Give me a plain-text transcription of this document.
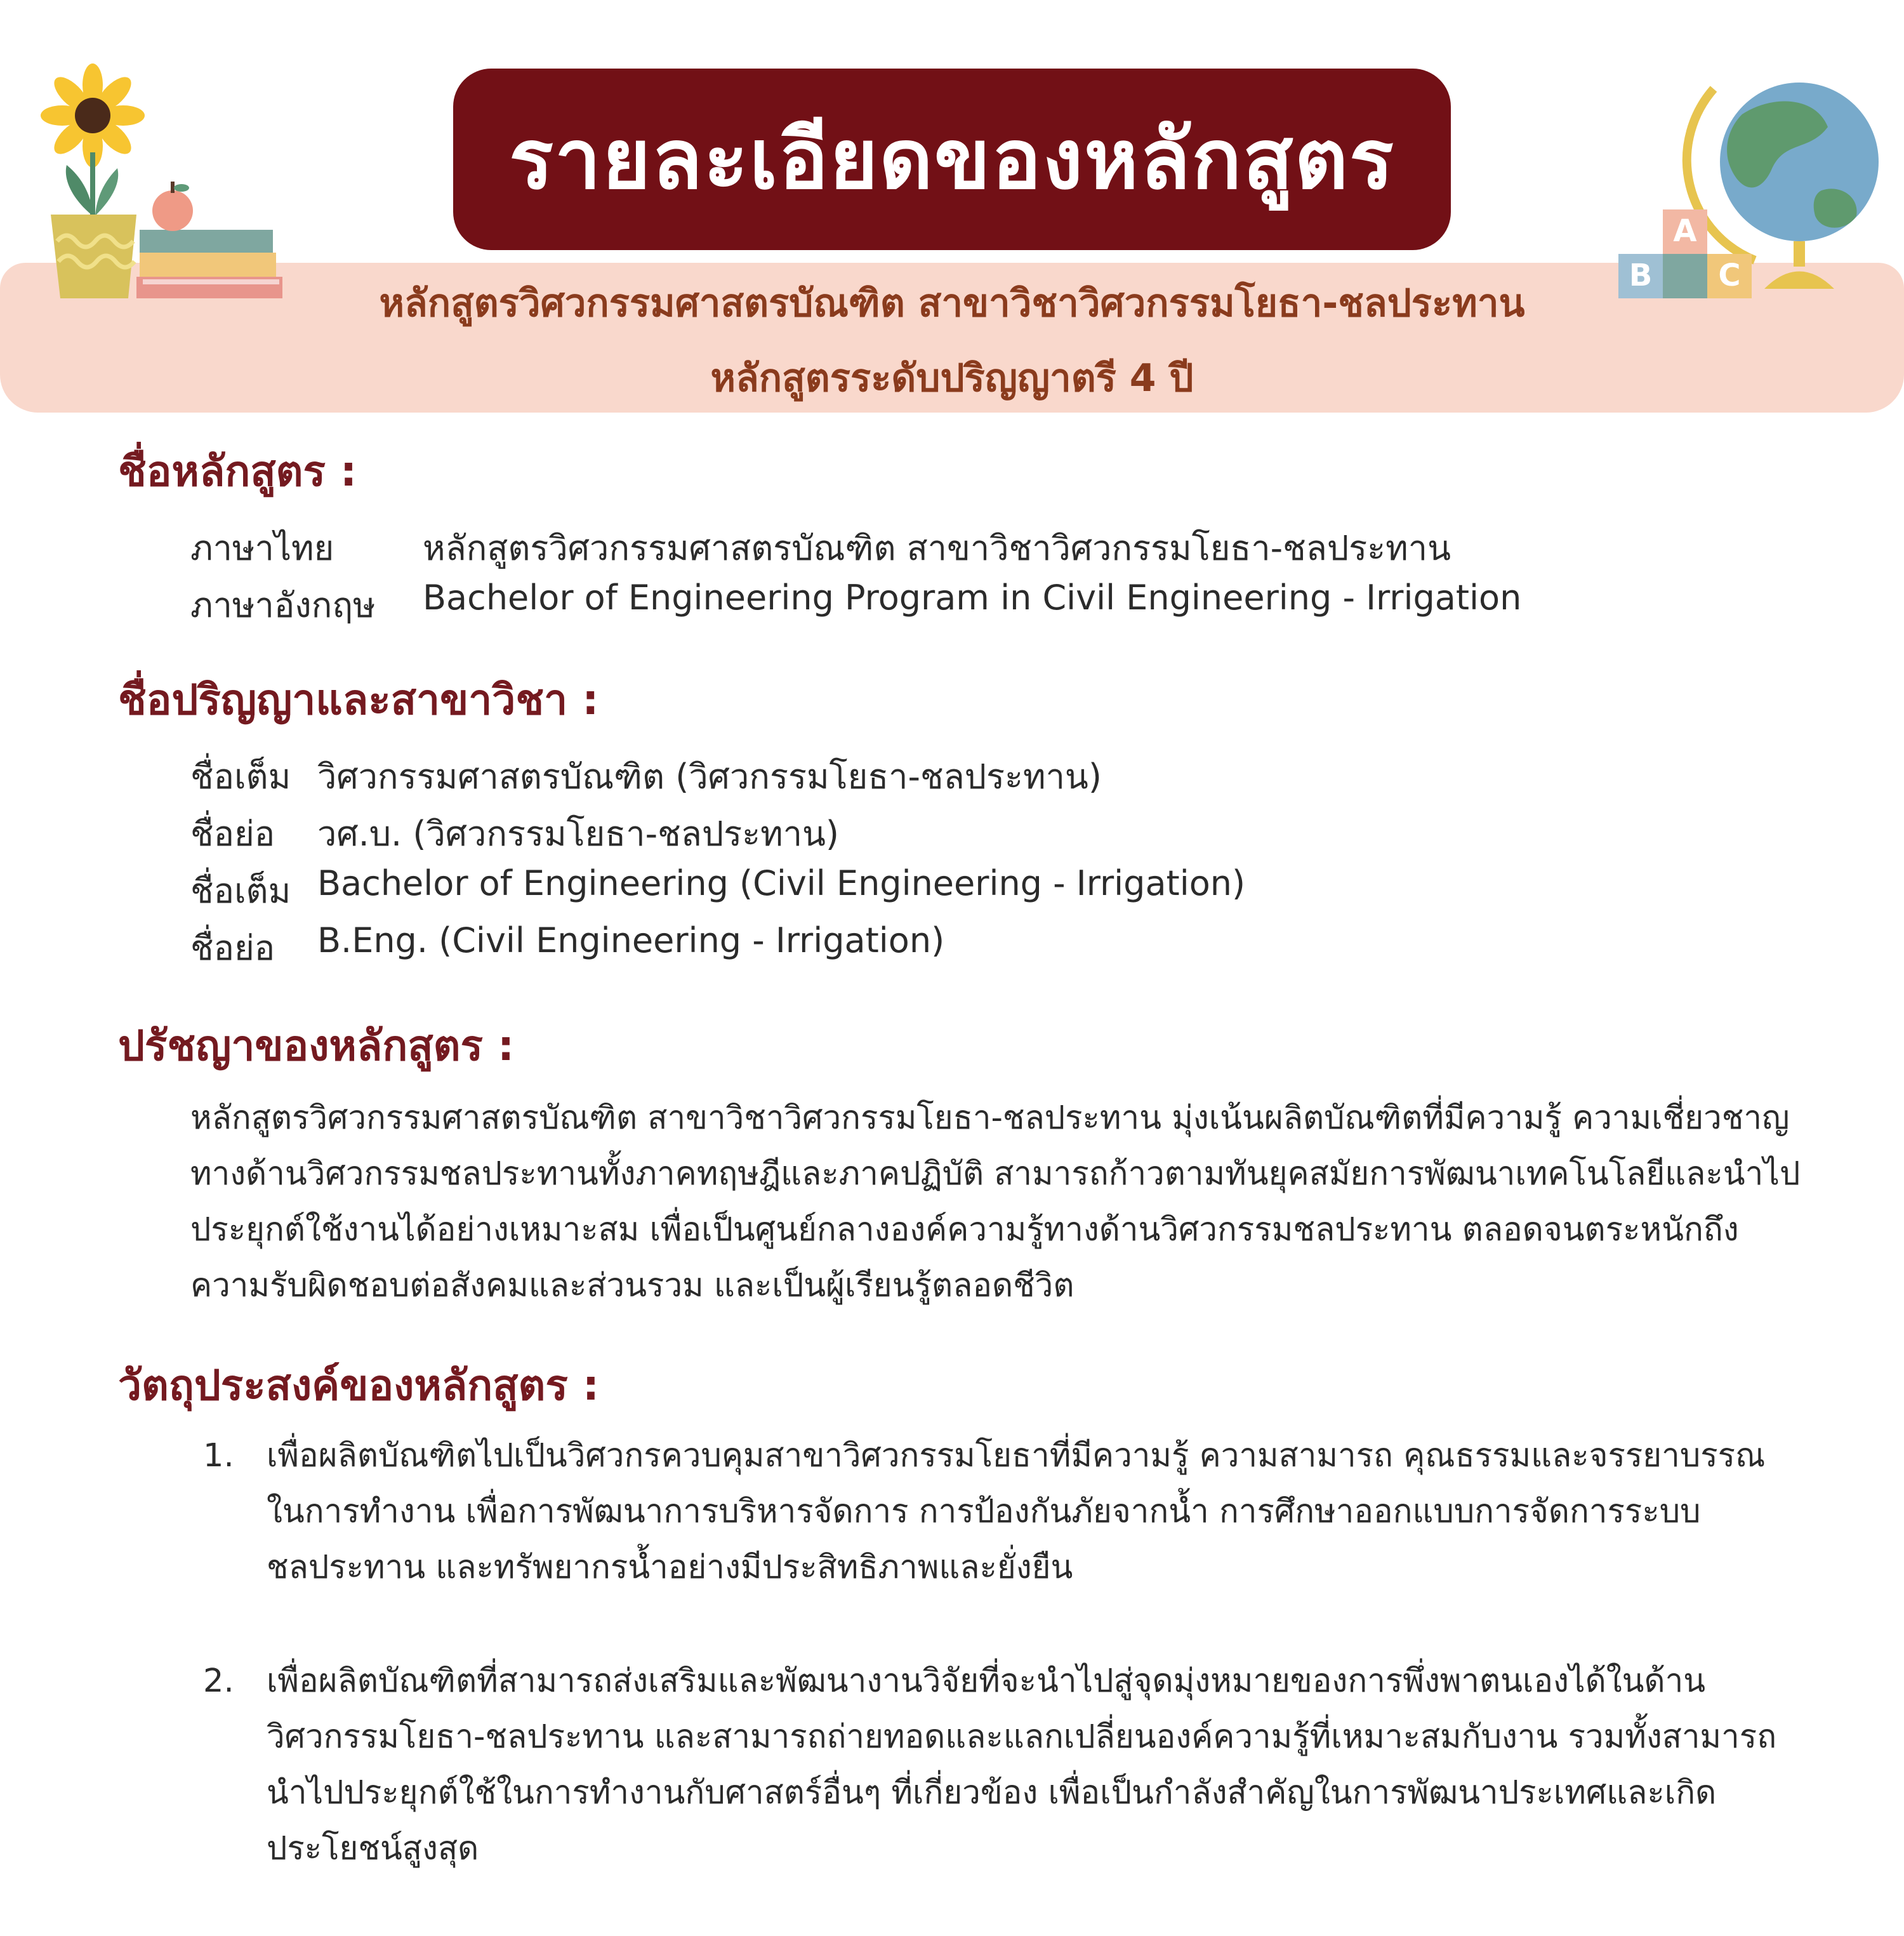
รายละเอียดของหลักสูตร
หลักสูตรวิศวกรรมศาสตรบัณฑิต สาขาวิชาวิศวกรรมโยธา-ชลประทาน
หลักสูตรระดับปริญญาตรี 4 ปี
A
B C
ชื่อหลักสูตร :
ภาษาไทย	หลักสูตรวิศวกรรมศาสตรบัณฑิต สาขาวิชาวิศวกรรมโยธา-ชลประทาน
ภาษาอังกฤษ Bachelor of Engineering Program in Civil Engineering - Irrigation
ชื่อปริญญาและสาขาวิชา :
ชื่อเต็ม วิศวกรรมศาสตรบัณฑิต (วิศวกรรมโยธา-ชลประทาน)
ชื่อย่อ วศ.บ. (วิศวกรรมโยธา-ชลประทาน)
ชื่อเต็ม Bachelor of Engineering (Civil Engineering - Irrigation)
ชื่อย่อ B.Eng. (Civil Engineering - Irrigation)
ปรัชญาของหลักสูตร :
หลักสูตรวิศวกรรมศาสตรบัณฑิต สาขาวิชาวิศวกรรมโยธา-ชลประทาน มุ่งเน้นผลิตบัณฑิตที่มีความรู้ ความเชี่ยวชาญ
ทางด้านวิศวกรรมชลประทานทั้งภาคทฤษฎีและภาคปฏิบัติ สามารถก้าวตามทันยุคสมัยการพัฒนาเทคโนโลยีและนำไป
ประยุกต์ใช้งานได้อย่างเหมาะสม เพื่อเป็นศูนย์กลางองค์ความรู้ทางด้านวิศวกรรมชลประทาน ตลอดจนตระหนักถึง
ความรับผิดชอบต่อสังคมและส่วนรวม และเป็นผู้เรียนรู้ตลอดชีวิต
วัตถุประสงค์ของหลักสูตร :
1. เพื่อผลิตบัณฑิตไปเป็นวิศวกรควบคุมสาขาวิศวกรรมโยธาที่มีความรู้ ความสามารถ คุณธรรมและจรรยาบรรณ
ในการทำงาน เพื่อการพัฒนาการบริหารจัดการ การป้องกันภัยจากน้ำ การศึกษาออกแบบการจัดการระบบ
ชลประทาน และทรัพยากรน้ำอย่างมีประสิทธิภาพและยั่งยืน
2. เพื่อผลิตบัณฑิตที่สามารถส่งเสริมและพัฒนางานวิจัยที่จะนำไปสู่จุดมุ่งหมายของการพึ่งพาตนเองได้ในด้าน
วิศวกรรมโยธา-ชลประทาน และสามารถถ่ายทอดและแลกเปลี่ยนองค์ความรู้ที่เหมาะสมกับงาน รวมทั้งสามารถ
นำไปประยุกต์ใช้ในการทำงานกับศาสตร์อื่นๆ ที่เกี่ยวข้อง เพื่อเป็นกำลังสำคัญในการพัฒนาประเทศและเกิด
ประโยชน์สูงสุด
